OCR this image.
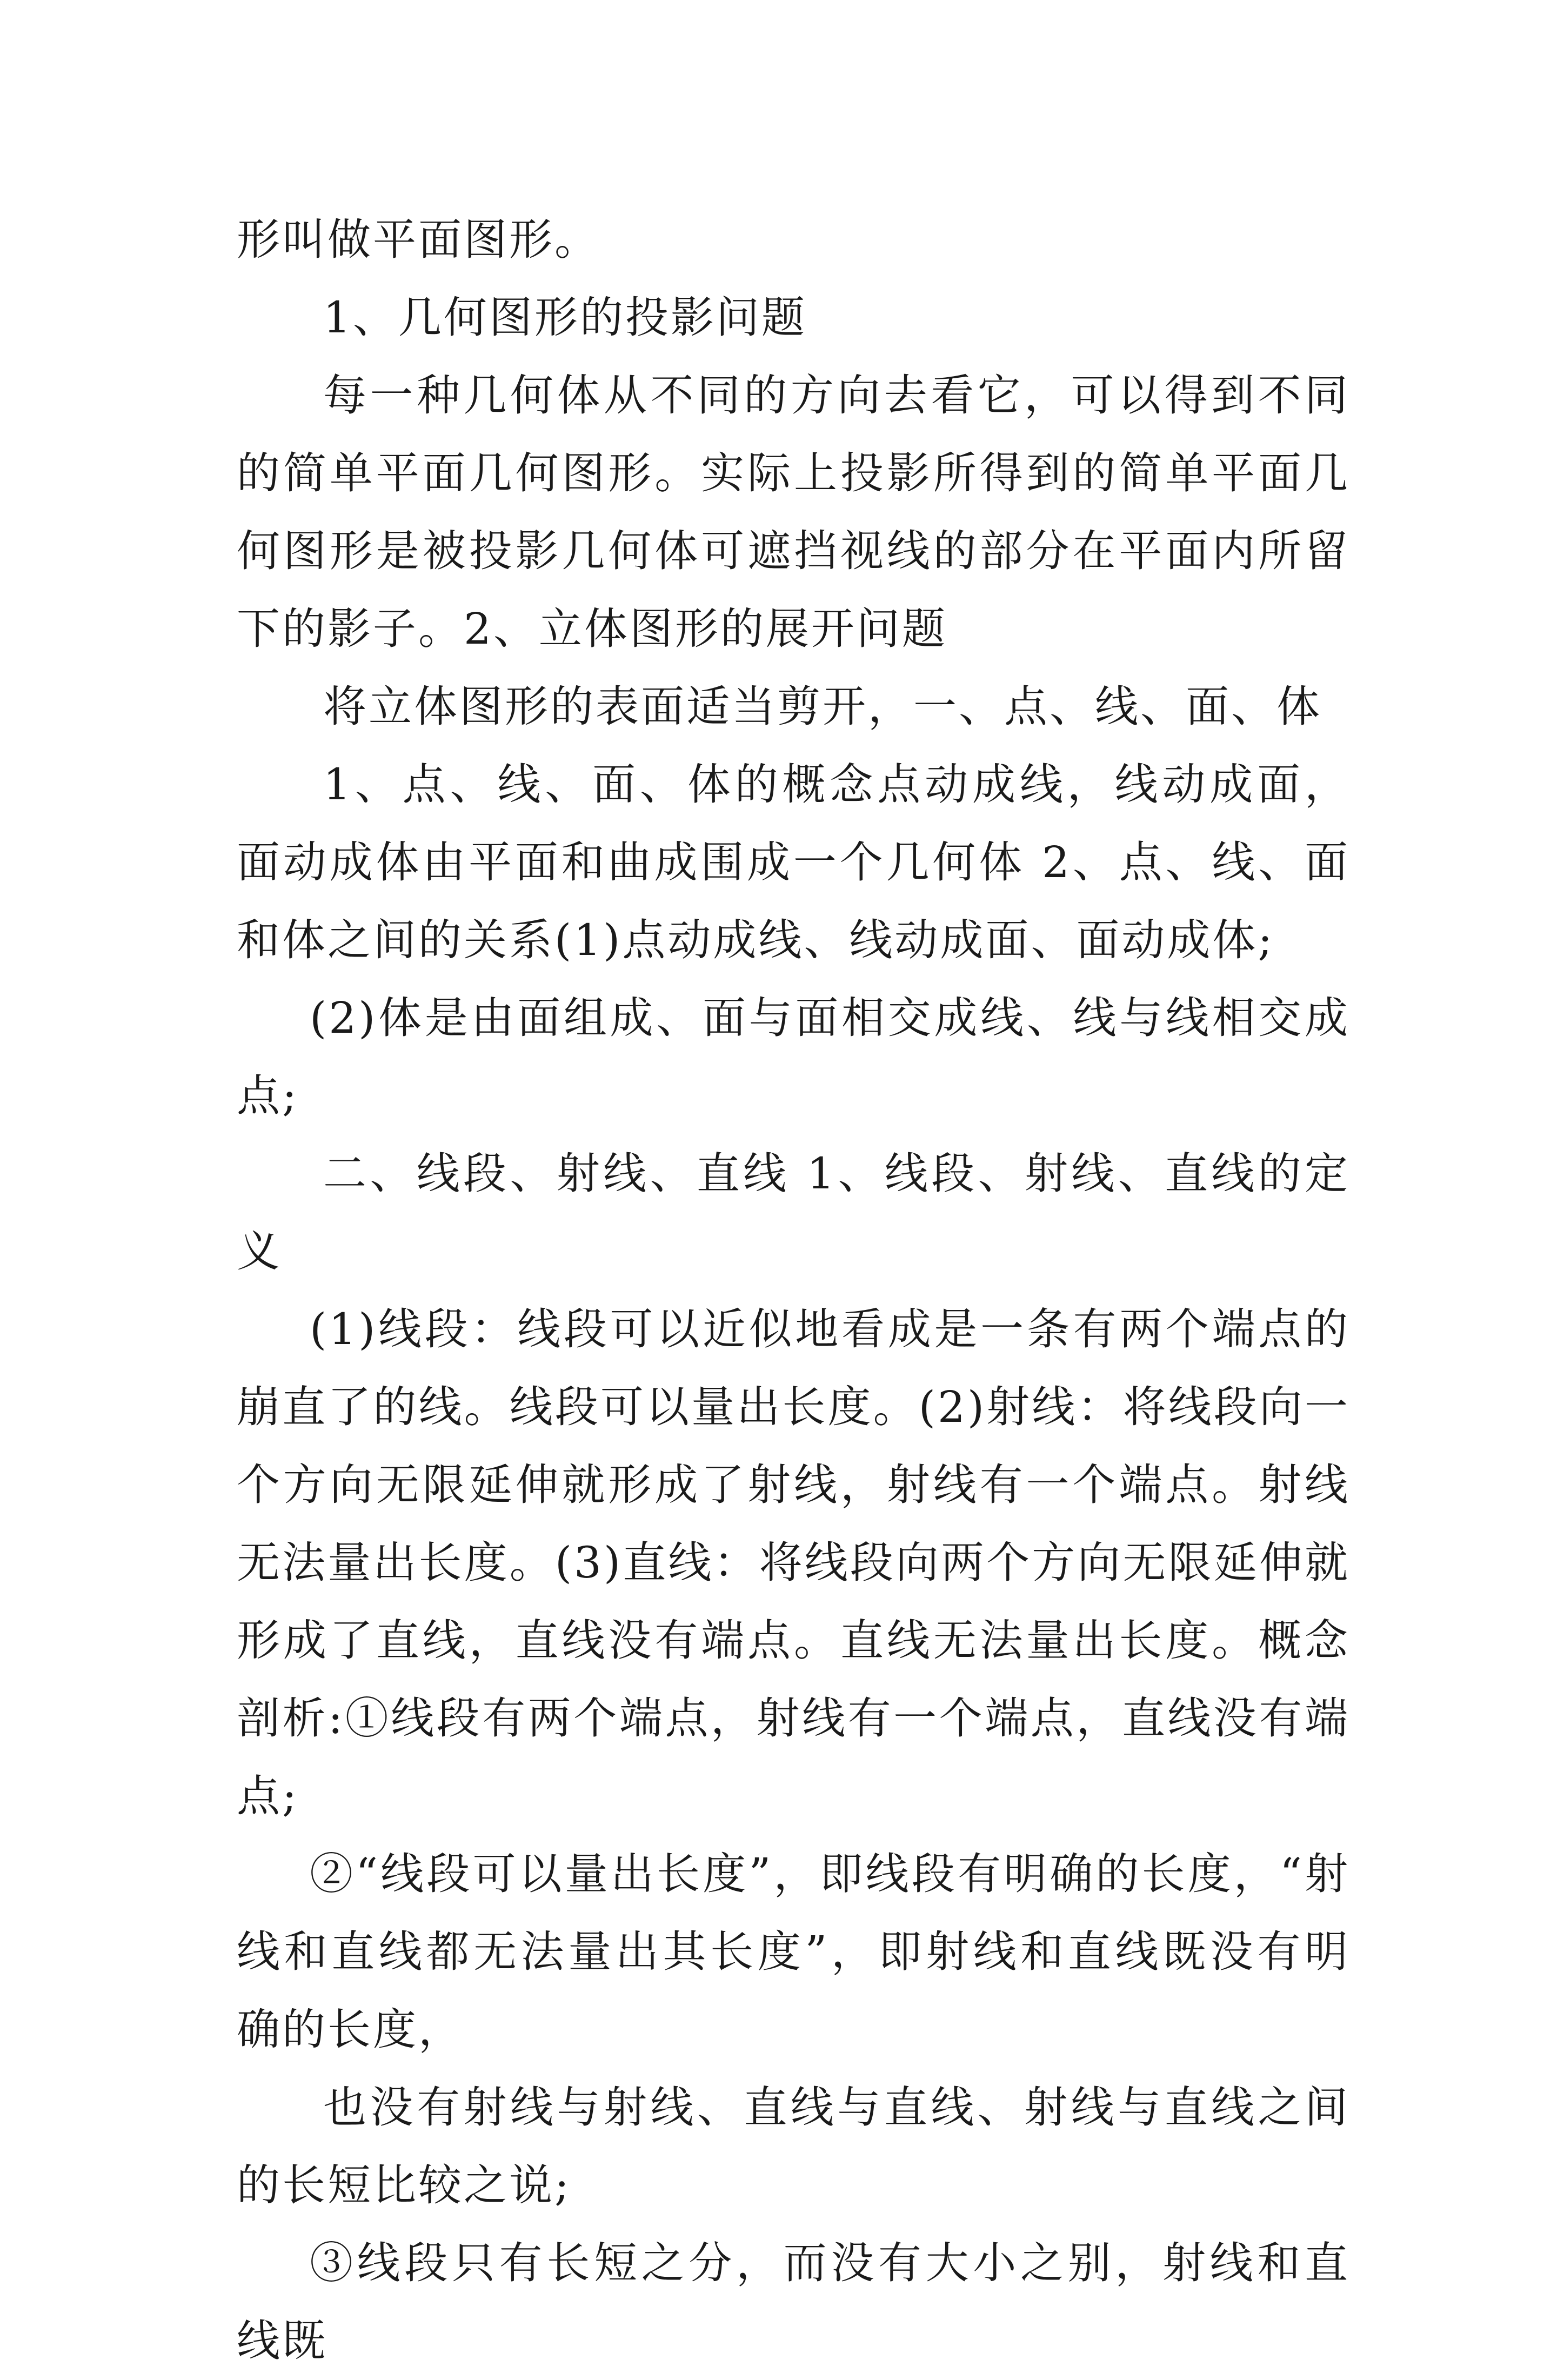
形叫做平面图形。

1、几何图形的投影问题

每一种几何体从不同的方向去看它，可以得到不同的简单平面几何图形。实际上投影所得到的简单平面几何图形是被投影几何体可遮挡视线的部分在平面内所留下的影子。2、立体图形的展开问题

将立体图形的表面适当剪开，一、点、线、面、体

1、点、线、面、体的概念点动成线，线动成面，面动成体由平面和曲成围成一个几何体 2、点、线、面和体之间的关系(1)点动成线、线动成面、面动成体;

(2)体是由面组成、面与面相交成线、线与线相交成点;

二、线段、射线、直线 1、线段、射线、直线的定义

(1)线段：线段可以近似地看成是一条有两个端点的崩直了的线。线段可以量出长度。(2)射线：将线段向一个方向无限延伸就形成了射线，射线有一个端点。射线无法量出长度。(3)直线：将线段向两个方向无限延伸就形成了直线，直线没有端点。直线无法量出长度。概念剖析:①线段有两个端点，射线有一个端点，直线没有端点;

②“线段可以量出长度”，即线段有明确的长度，“射线和直线都无法量出其长度”，即射线和直线既没有明确的长度，

也没有射线与射线、直线与直线、射线与直线之间的长短比较之说;

③线段只有长短之分，而没有大小之别，射线和直线既
